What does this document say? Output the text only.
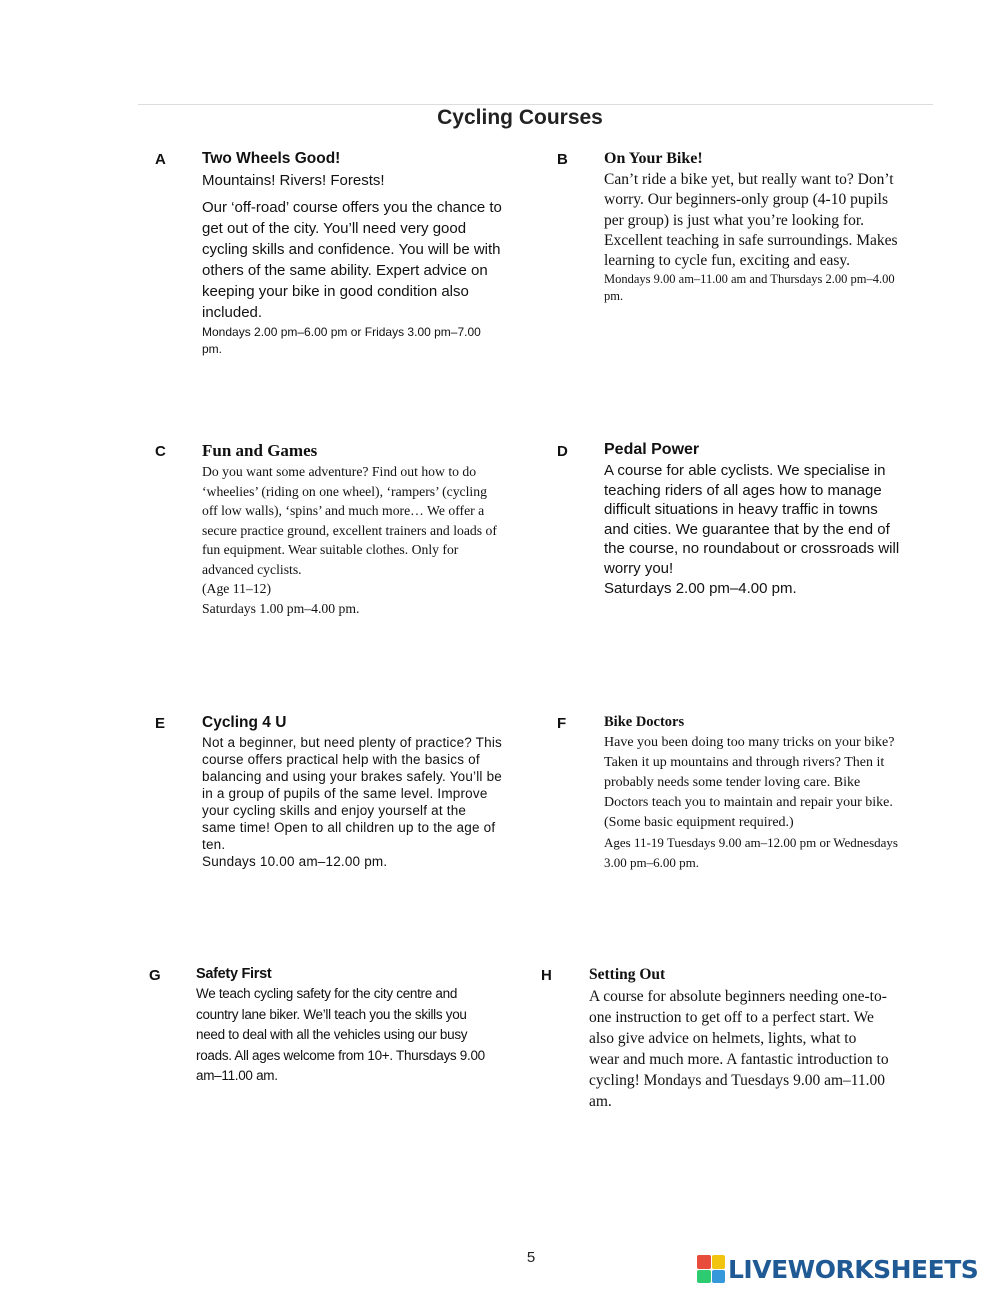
Cycling Courses
A Two Wheels Good!
Mountains! Rivers! Forests!
Our ‘off-road’ course offers you the chance to get out of the city. You’ll need very good cycling skills and confidence. You will be with others of the same ability. Expert advice on keeping your bike in good condition also included.
Mondays 2.00 pm–6.00 pm or Fridays 3.00 pm–7.00 pm.
B On Your Bike!
Can’t ride a bike yet, but really want to? Don’t worry. Our beginners-only group (4-10 pupils per group) is just what you’re looking for. Excellent teaching in safe surroundings. Makes learning to cycle fun, exciting and easy.
Mondays 9.00 am–11.00 am and Thursdays 2.00 pm–4.00 pm.
C Fun and Games
Do you want some adventure? Find out how to do ‘wheelies’ (riding on one wheel), ‘rampers’ (cycling off low walls), ‘spins’ and much more… We offer a secure practice ground, excellent trainers and loads of fun equipment. Wear suitable clothes. Only for advanced cyclists.
(Age 11–12)
Saturdays 1.00 pm–4.00 pm.
D Pedal Power
A course for able cyclists. We specialise in teaching riders of all ages how to manage difficult situations in heavy traffic in towns and cities. We guarantee that by the end of the course, no roundabout or crossroads will worry you!
Saturdays 2.00 pm–4.00 pm.
E Cycling 4 U
Not a beginner, but need plenty of practice? This course offers practical help with the basics of balancing and using your brakes safely. You’ll be in a group of pupils of the same level. Improve your cycling skills and enjoy yourself at the same time! Open to all children up to the age of ten.
Sundays 10.00 am–12.00 pm.
F	Bike Doctors
Have you been doing too many tricks on your bike? Taken it up mountains and through rivers? Then it probably needs some tender loving care. Bike Doctors teach you to maintain and repair your bike. (Some basic equipment required.)
Ages 11-19 Tuesdays 9.00 am–12.00 pm or Wednesdays 3.00 pm–6.00 pm.
G Safety First
We teach cycling safety for the city centre and country lane biker. We’ll teach you the skills you need to deal with all the vehicles using our busy roads. All ages welcome from 10+. Thursdays 9.00 am–11.00 am.
H Setting Out
A course for absolute beginners needing one-to-one instruction to get off to a perfect start. We also give advice on helmets, lights, what to wear and much more. A fantastic introduction to cycling! Mondays and Tuesdays 9.00 am–11.00 am.
5	LIVEWORKSHEETS
